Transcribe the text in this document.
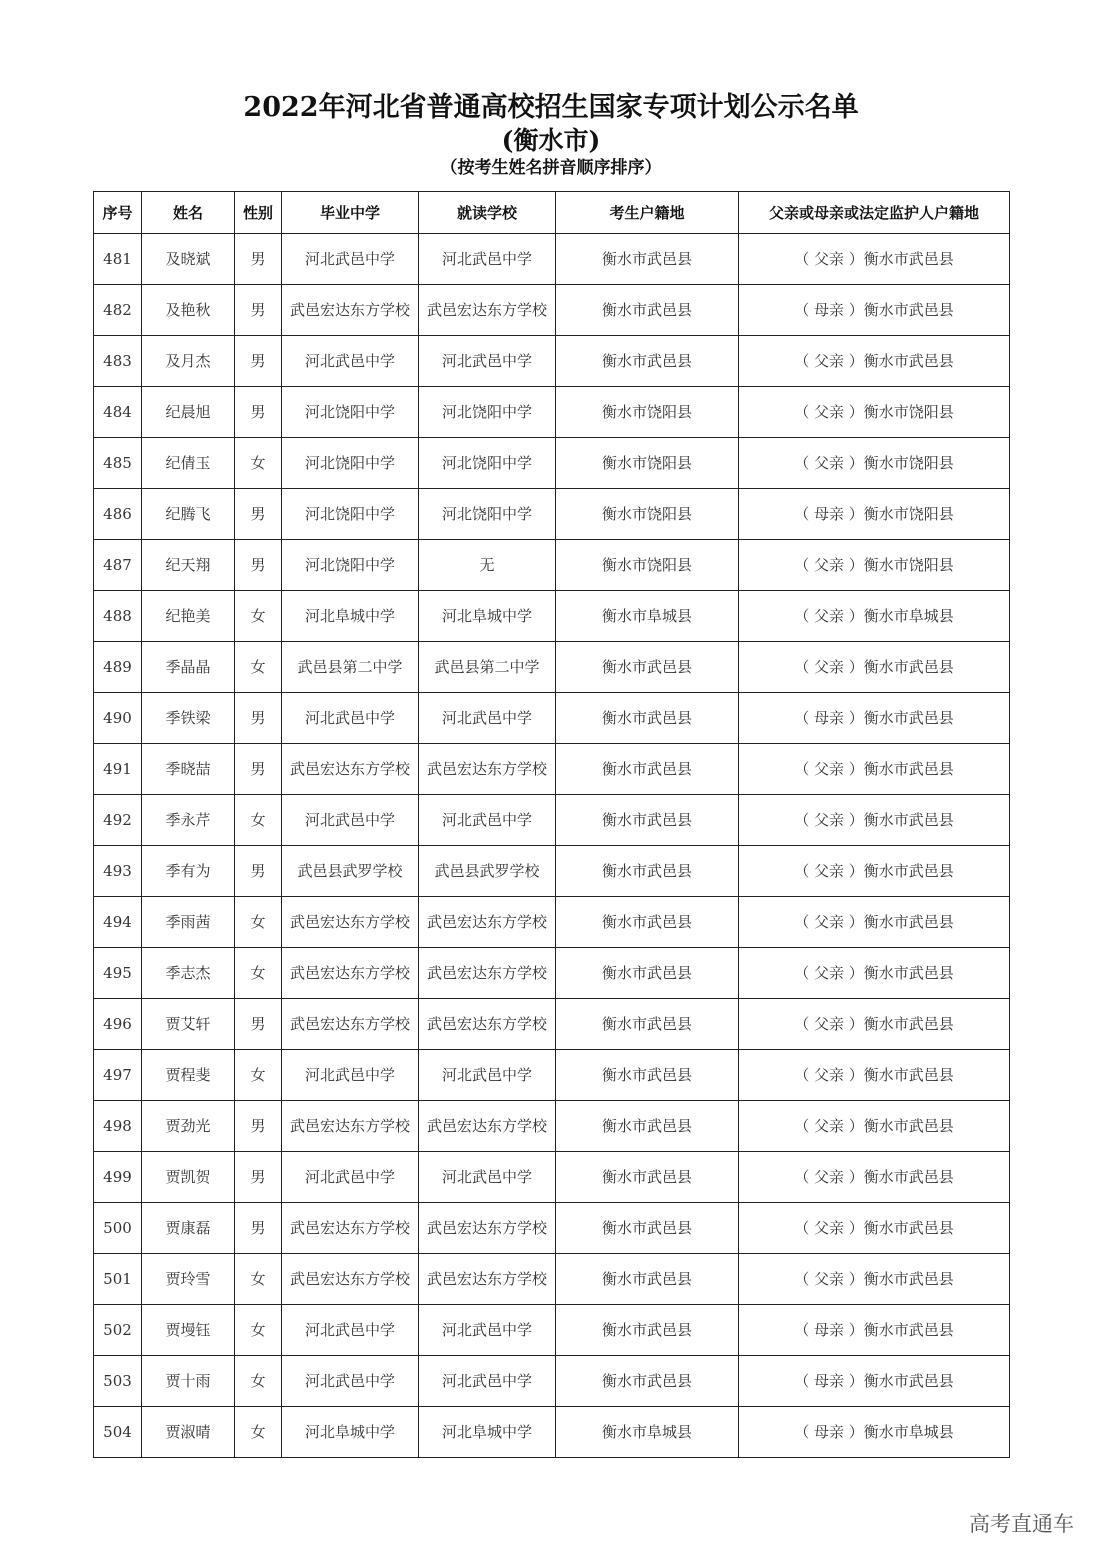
2022年河北省普通高校招生国家专项计划公示名单
(衡水市)
（按考生姓名拼音顺序排序）
序号	姓名	性别	毕业中学	就读学校	考生户籍地	父亲或母亲或法定监护人户籍地
481	及晓斌	男	河北武邑中学	河北武邑中学	衡水市武邑县	（ 父亲 ）衡水市武邑县
482	及艳秋	男	武邑宏达东方学校	武邑宏达东方学校	衡水市武邑县	（ 母亲 ）衡水市武邑县
483	及月杰	男	河北武邑中学	河北武邑中学	衡水市武邑县	（ 父亲 ）衡水市武邑县
484	纪晨旭	男	河北饶阳中学	河北饶阳中学	衡水市饶阳县	（ 父亲 ）衡水市饶阳县
485	纪倩玉	女	河北饶阳中学	河北饶阳中学	衡水市饶阳县	（ 父亲 ）衡水市饶阳县
486	纪腾飞	男	河北饶阳中学	河北饶阳中学	衡水市饶阳县	（ 母亲 ）衡水市饶阳县
487	纪天翔	男	河北饶阳中学	无	衡水市饶阳县	（ 父亲 ）衡水市饶阳县
488	纪艳美	女	河北阜城中学	河北阜城中学	衡水市阜城县	（ 父亲 ）衡水市阜城县
489	季晶晶	女	武邑县第二中学	武邑县第二中学	衡水市武邑县	（ 父亲 ）衡水市武邑县
490	季铁梁	男	河北武邑中学	河北武邑中学	衡水市武邑县	（ 母亲 ）衡水市武邑县
491	季晓喆	男	武邑宏达东方学校	武邑宏达东方学校	衡水市武邑县	（ 父亲 ）衡水市武邑县
492	季永芹	女	河北武邑中学	河北武邑中学	衡水市武邑县	（ 父亲 ）衡水市武邑县
493	季有为	男	武邑县武罗学校	武邑县武罗学校	衡水市武邑县	（ 父亲 ）衡水市武邑县
494	季雨茜	女	武邑宏达东方学校	武邑宏达东方学校	衡水市武邑县	（ 父亲 ）衡水市武邑县
495	季志杰	女	武邑宏达东方学校	武邑宏达东方学校	衡水市武邑县	（ 父亲 ）衡水市武邑县
496	贾艾轩	男	武邑宏达东方学校	武邑宏达东方学校	衡水市武邑县	（ 父亲 ）衡水市武邑县
497	贾程斐	女	河北武邑中学	河北武邑中学	衡水市武邑县	（ 父亲 ）衡水市武邑县
498	贾劲光	男	武邑宏达东方学校	武邑宏达东方学校	衡水市武邑县	（ 父亲 ）衡水市武邑县
499	贾凯贺	男	河北武邑中学	河北武邑中学	衡水市武邑县	（ 父亲 ）衡水市武邑县
500	贾康磊	男	武邑宏达东方学校	武邑宏达东方学校	衡水市武邑县	（ 父亲 ）衡水市武邑县
501	贾玲雪	女	武邑宏达东方学校	武邑宏达东方学校	衡水市武邑县	（ 父亲 ）衡水市武邑县
502	贾墁钰	女	河北武邑中学	河北武邑中学	衡水市武邑县	（ 母亲 ）衡水市武邑县
503	贾十雨	女	河北武邑中学	河北武邑中学	衡水市武邑县	（ 母亲 ）衡水市武邑县
504	贾淑晴	女	河北阜城中学	河北阜城中学	衡水市阜城县	（ 母亲 ）衡水市阜城县
高考直通车
